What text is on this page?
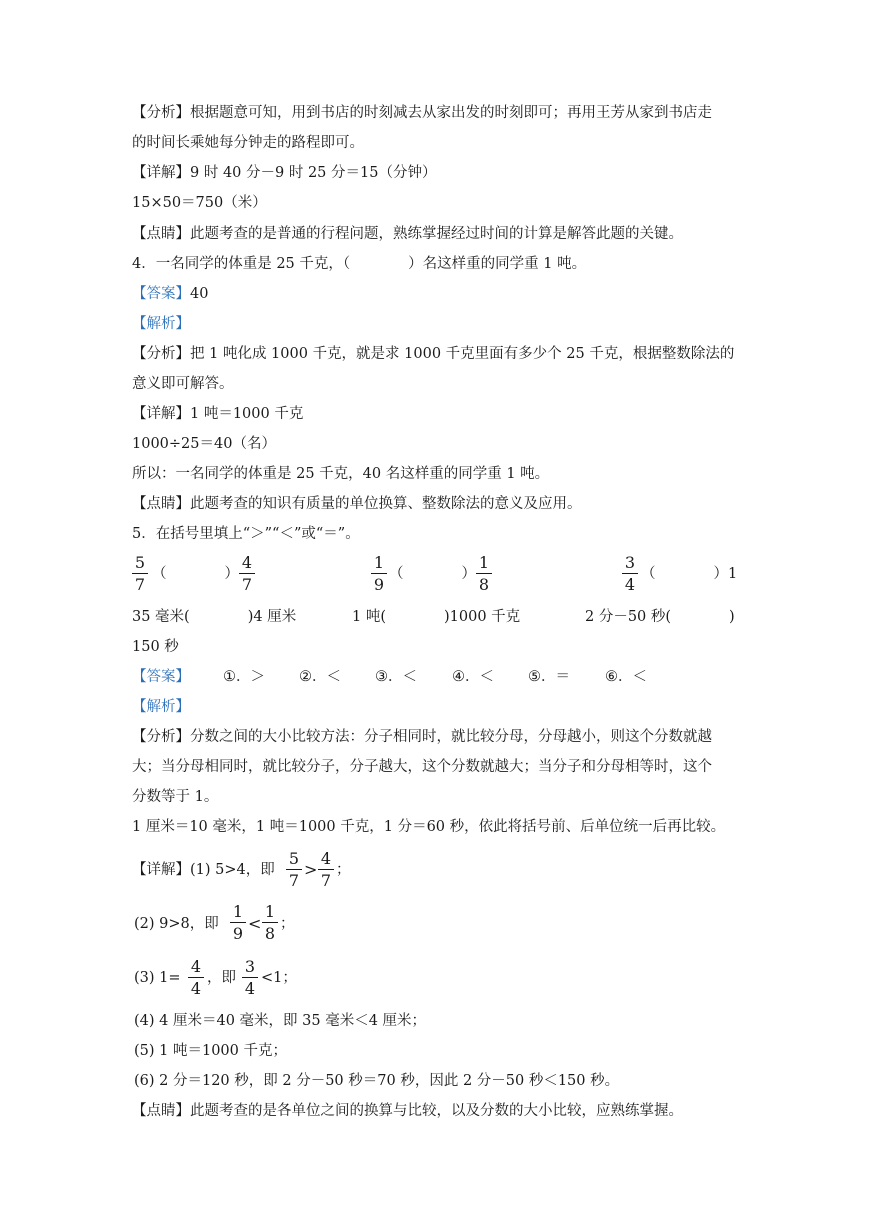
【分析】根据题意可知，用到书店的时刻减去从家出发的时刻即可；再用王芳从家到书店走
的时间长乘她每分钟走的路程即可。
【详解】9 时 40 分－9 时 25 分＝15（分钟）
15×50＝750（米）
【点睛】此题考查的是普通的行程问题，熟练掌握经过时间的计算是解答此题的关键。
4．一名同学的体重是 25 千克，（　　　　）名这样重的同学重 1 吨。
【答案】40
【解析】
【分析】把 1 吨化成 1000 千克，就是求 1000 千克里面有多少个 25 千克，根据整数除法的
意义即可解答。
【详解】1 吨＝1000 千克
1000÷25＝40（名）
所以：一名同学的体重是 25 千克，40 名这样重的同学重 1 吨。
【点睛】此题考查的知识有质量的单位换算、整数除法的意义及应用。
5．在括号里填上“＞”“＜”或“＝”。
5
7
（　　　　）
4
7
1
9
（　　　　）
1
8
3
4
（　　　　）1
35 毫米(　　　　)4 厘米	1 吨(　　　　)1000 千克	2 分－50 秒(　　　　)
150 秒
【答案】 ①．＞ ②．＜ ③．＜ ④．＜ ⑤．＝ ⑥．＜
【解析】
【分析】分数之间的大小比较方法：分子相同时，就比较分母，分母越小，则这个分数就越
大；当分母相同时，就比较分子，分子越大，这个分数就越大；当分子和分母相等时，这个
分数等于 1。
1 厘米＝10 毫米，1 吨＝1000 千克，1 分＝60 秒，依此将括号前、后单位统一后再比较。
【详解】(1) 5>4，即
5
7
>
4
7
；
(2) 9>8，即
1
9
<
1
8 ；
(3) 1=
4
4
，即
3
4
<1；
(4) 4 厘米＝40 毫米，即 35 毫米＜4 厘米；
(5) 1 吨＝1000 千克；
(6) 2 分＝120 秒，即 2 分－50 秒＝70 秒，因此 2 分－50 秒＜150 秒。
【点睛】此题考查的是各单位之间的换算与比较，以及分数的大小比较，应熟练掌握。
